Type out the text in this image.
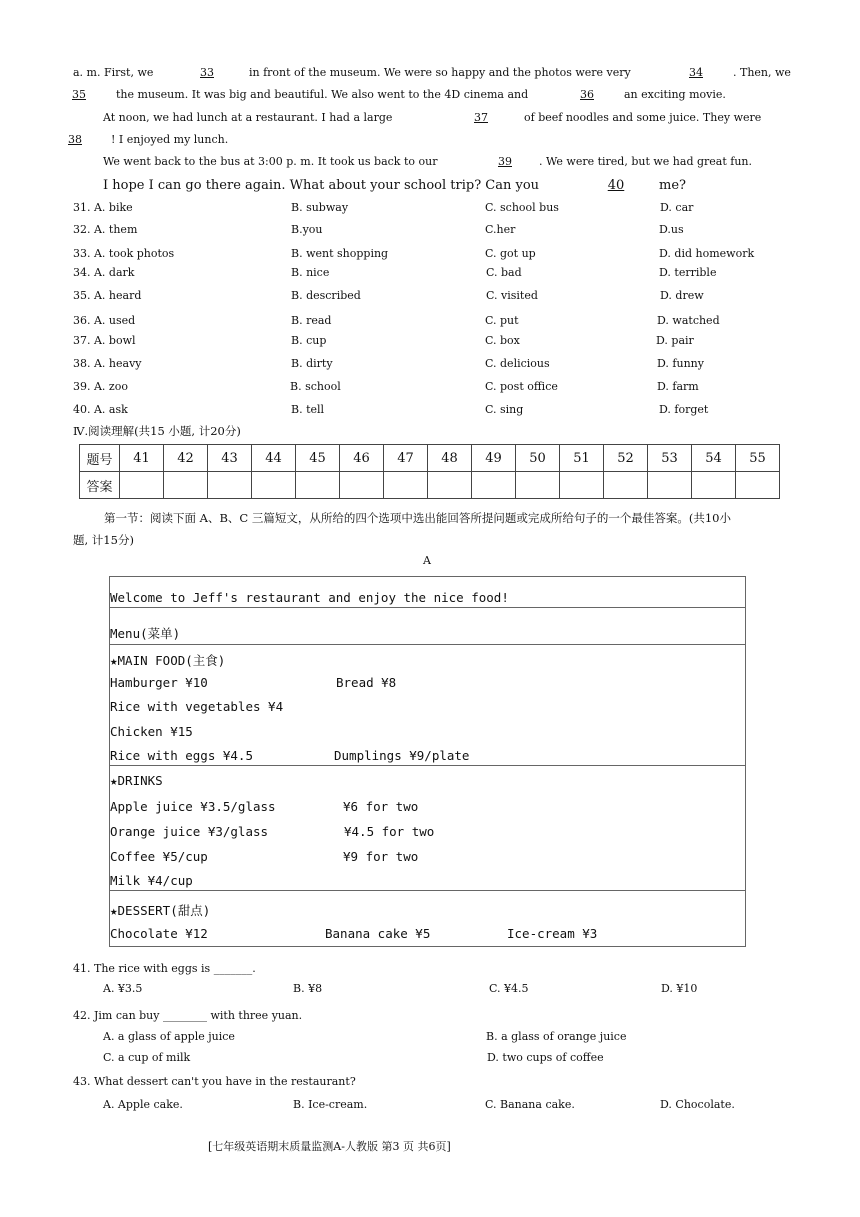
a. m. First, we	33	in front of the museum. We were so happy and the photos were very	34	. Then, we
35	the museum. It was big and beautiful. We also went to the 4D cinema and	36	an exciting movie.
At noon, we had lunch at a restaurant. I had a large	37	of beef noodles and some juice. They were
38	! I enjoyed my lunch.
We went back to the bus at 3:00 p. m. It took us back to our	39	. We were tired, but we had great fun.
I hope I can go there again. What about your school trip? Can you	40	me?
31. A. bike	B. subway	C. school bus	D. car
32. A. them	B.you	C.her	D.us
33. A. took photos	B. went shopping	C. got up	D. did homework
34. A. dark	B. nice	C. bad	D. terrible
35. A. heard	B. described	C. visited	D. drew
36. A. used	B. read	C. put	D. watched
37. A. bowl	B. cup	C. box	D. pair
38. A. heavy	B. dirty	C. delicious	D. funny
39. A. zoo	B. school	C. post office	D. farm
40. A. ask	B. tell	C. sing	D. forget
Ⅳ.阅读理解(共15 小题, 计20分)
题号	41	42	43	44	45	46	47	48	49	50	51	52	53	54	55
答案															
第一节：阅读下面 A、B、C 三篇短文，从所给的四个选项中选出能回答所提问题或完成所给句子的一个最佳答案。(共10小
题, 计15分)
A
Welcome to Jeff's restaurant and enjoy the nice food!
Menu(菜单)
★MAIN FOOD(主食)
Hamburger ¥10	Bread ¥8
Rice with vegetables ¥4
Chicken ¥15
Rice with eggs ¥4.5	Dumplings ¥9/plate
★DRINKS
Apple juice ¥3.5/glass	¥6 for two
Orange juice ¥3/glass	¥4.5 for two
Coffee ¥5/cup	¥9 for two
Milk ¥4/cup
★DESSERT(甜点)
Chocolate ¥12	Banana cake ¥5	Ice-cream ¥3
41. The rice with eggs is _______.
A. ¥3.5	B. ¥8	C. ¥4.5	D. ¥10
42. Jim can buy ________ with three yuan.
A. a glass of apple juice	B. a glass of orange juice
C. a cup of milk	D. two cups of coffee
43. What dessert can't you have in the restaurant?
A. Apple cake.	B. Ice-cream.	C. Banana cake.	D. Chocolate.
[七年级英语期末质量监测A-人教版 第3 页 共6页]
